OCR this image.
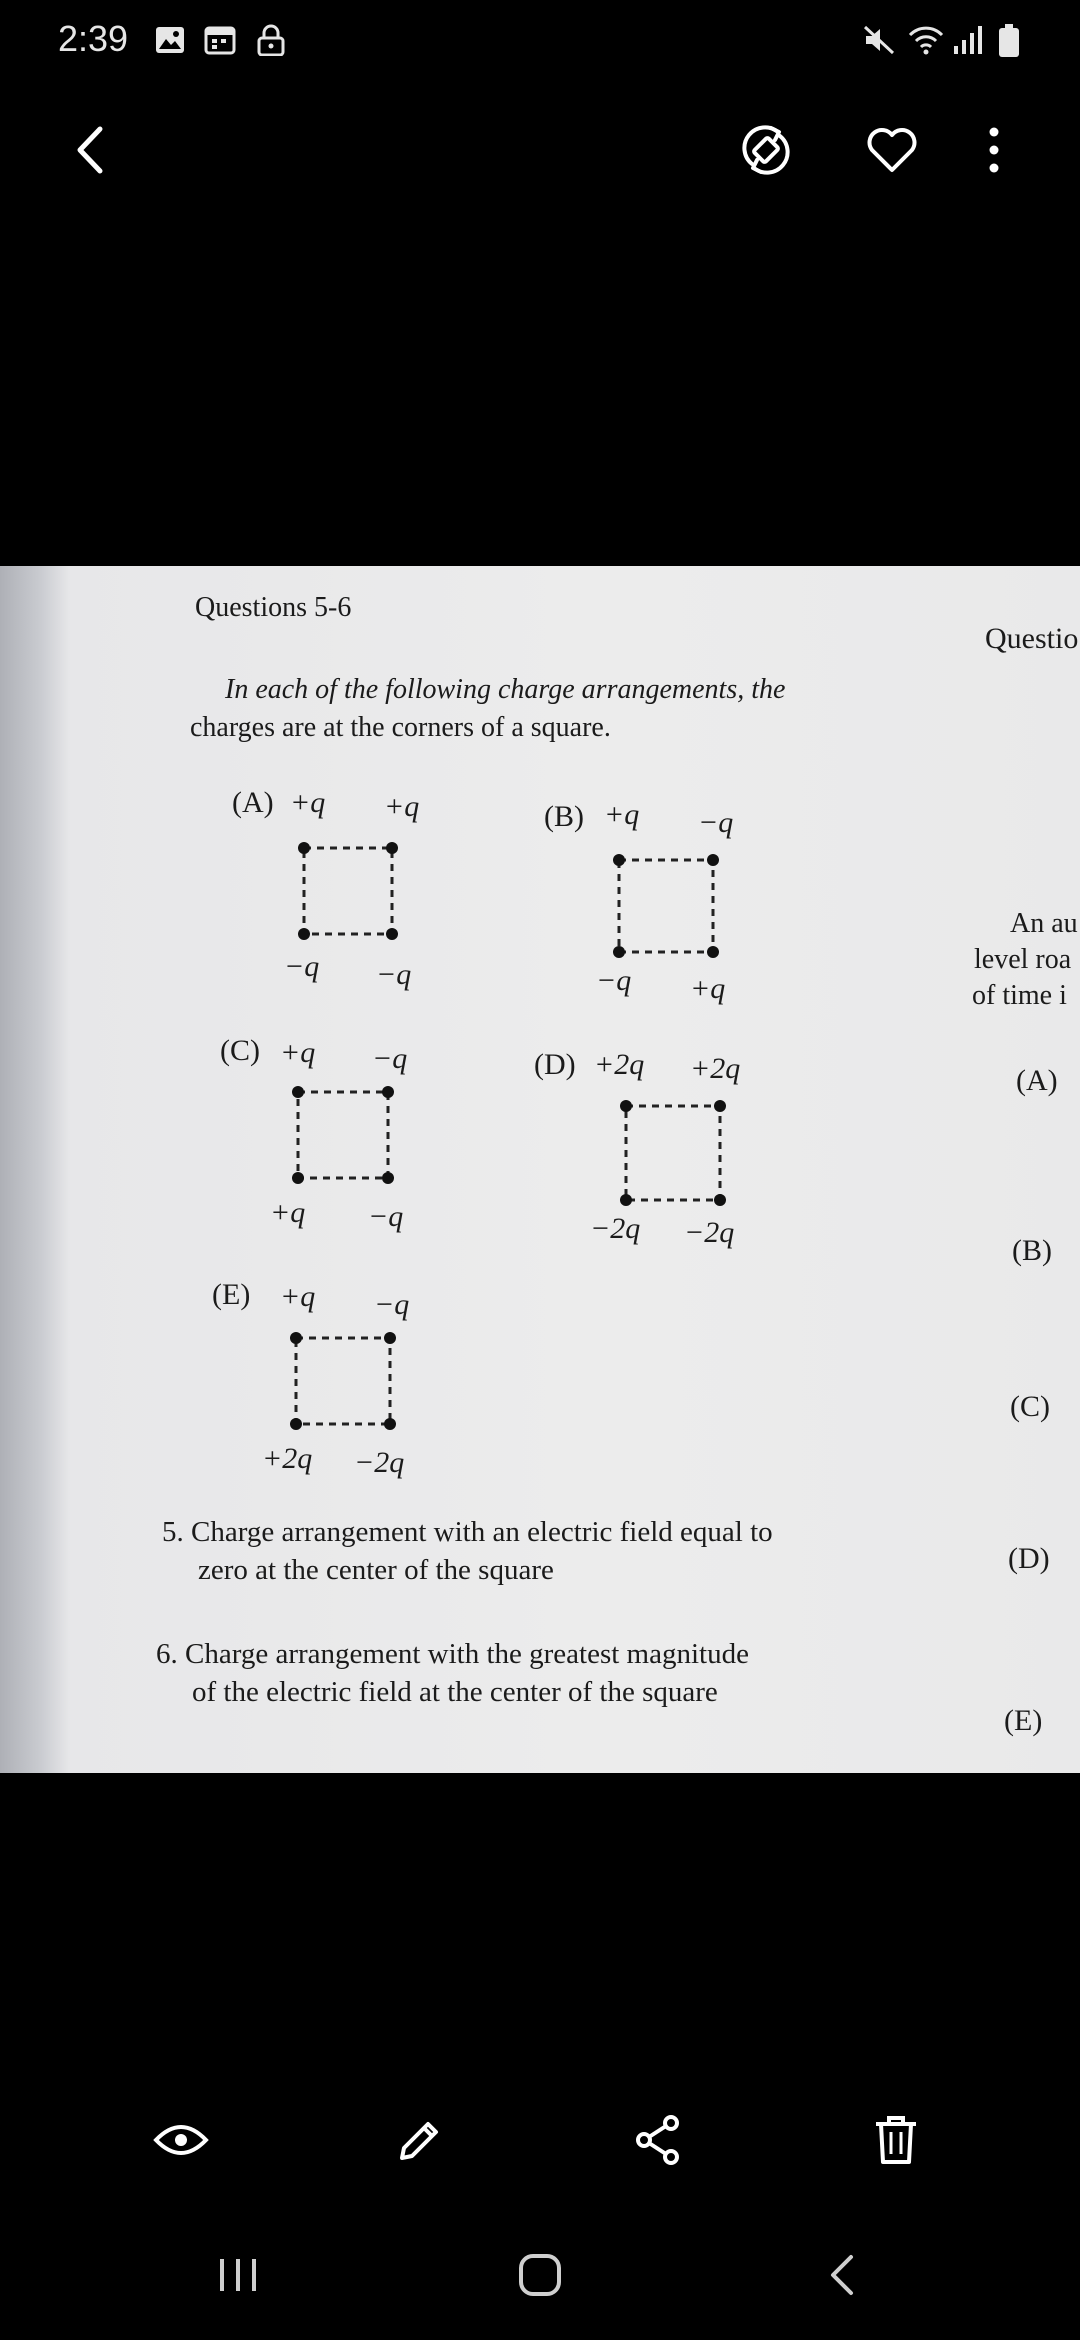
2:39
Questions 5-6
Questio
In each of the following charge arrangements, the
charges are at the corners of a square.
(A) +q +q
−q −q
(B) +q −q
−q +q
(C) +q −q
+q −q
(D) +2q +2q
−2q −2q
(E) +q −q
+2q −2q
5. Charge arrangement with an electric field equal to
zero at the center of the square
6. Charge arrangement with the greatest magnitude
of the electric field at the center of the square
An au
level roa
of time i
(A)
(B)
(C)
(D)
(E)
